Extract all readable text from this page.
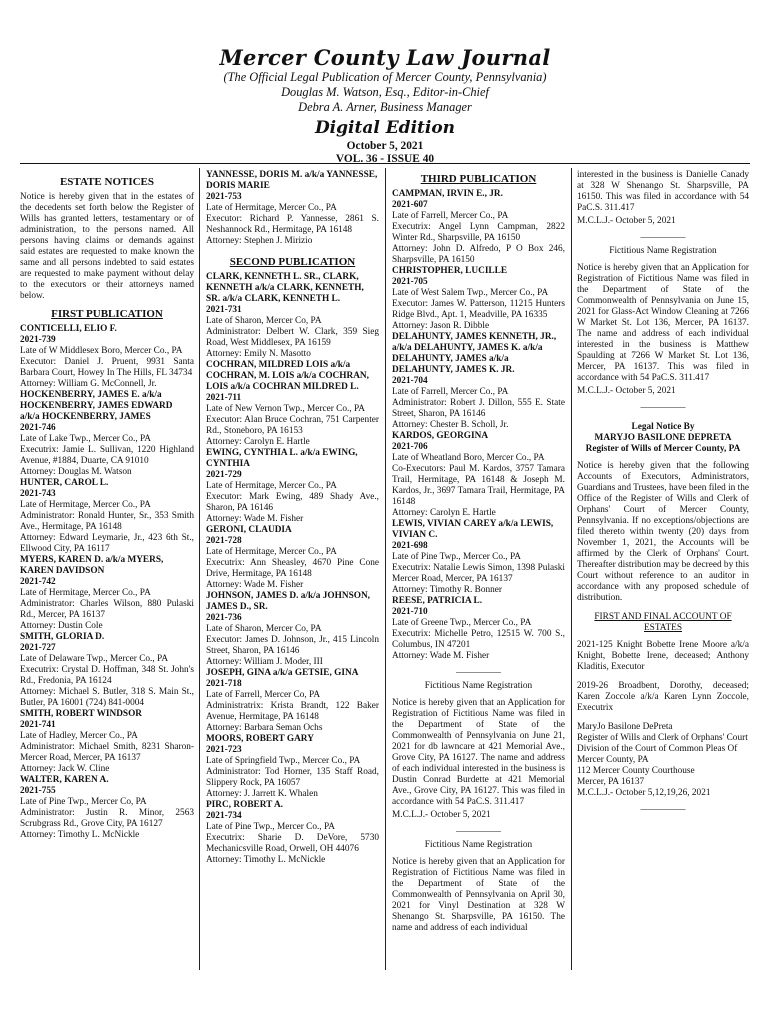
Mercer County Law Journal

(The Official Legal Publication of Mercer County, Pennsylvania)

Douglas M. Watson, Esq., Editor-in-Chief

Debra A. Arner, Business Manager

Digital Edition

October 5, 2021
VOL. 36 - ISSUE 40
ESTATE NOTICES

Notice is hereby given that in the estates of the decedents set forth below the Register of Wills has granted letters, testamentary or of administration, to the persons named. All persons having claims or demands against said estates are requested to make known the same and all persons indebted to said estates are requested to make payment without delay to the executors or their attorneys named below.

FIRST PUBLICATION
CONTICELLI, ELIO F.
2021-739
Late of W Middlesex Boro, Mercer Co., PA
Executor: Daniel J. Pruent, 9931 Santa Barbara Court, Howey In The Hills, FL 34734
Attorney: William G. McConnell, Jr.
HOCKENBERRY, JAMES E. a/k/a HOCKENBERRY, JAMES EDWARD a/k/a HOCKENBERRY, JAMES
2021-746
Late of Lake Twp., Mercer Co., PA
Executrix: Jamie L. Sullivan, 1220 Highland Avenue, #1884, Duarte, CA 91010
Attorney: Douglas M. Watson
HUNTER, CAROL L.
2021-743
Late of Hermitage, Mercer Co., PA
Administrator: Ronald Hunter, Sr., 353 Smith Ave., Hermitage, PA 16148
Attorney: Edward Leymarie, Jr., 423 6th St., Ellwood City, PA 16117
MYERS, KAREN D. a/k/a MYERS, KAREN DAVIDSON
2021-742
Late of Hermitage, Mercer Co., PA
Administrator: Charles Wilson, 880 Pulaski Rd., Mercer, PA 16137
Attorney: Dustin Cole
SMITH, GLORIA D.
2021-727
Late of Delaware Twp., Mercer Co., PA
Executrix: Crystal D. Hoffman, 348 St. John's Rd., Fredonia, PA 16124
Attorney: Michael S. Butler, 318 S. Main St., Butler, PA 16001 (724) 841-0004
SMITH, ROBERT WINDSOR
2021-741
Late of Hadley, Mercer Co., PA
Administrator: Michael Smith, 8231 Sharon-Mercer Road, Mercer, PA 16137
Attorney: Jack W. Cline
WALTER, KAREN A.
2021-755
Late of Pine Twp., Mercer Co, PA
Administrator: Justin R. Minor, 2563 Scrubgrass Rd., Grove City, PA 16127
Attorney: Timothy L. McNickle
YANNESSE, DORIS M. a/k/a YANNESSE, DORIS MARIE
2021-753
Late of Hermitage, Mercer Co., PA
Executor: Richard P. Yannesse, 2861 S. Neshannock Rd., Hermitage, PA 16148
Attorney: Stephen J. Mirizio
SECOND PUBLICATION
CLARK, KENNETH L. SR., CLARK, KENNETH a/k/a CLARK, KENNETH, SR. a/k/a CLARK, KENNETH L.
2021-731
Late of Sharon, Mercer Co, PA
Administrator: Delbert W. Clark, 359 Sieg Road, West Middlesex, PA 16159
Attorney: Emily N. Masotto
COCHRAN, MILDRED LOIS a/k/a COCHRAN, M. LOIS a/k/a COCHRAN, LOIS a/k/a COCHRAN MILDRED L.
2021-711
Late of New Vernon Twp., Mercer Co., PA
Executor: Alan Bruce Cochran, 751 Carpenter Rd., Stoneboro, PA 16153
Attorney: Carolyn E. Hartle
EWING, CYNTHIA L. a/k/a EWING, CYNTHIA
2021-729
Late of Hermitage, Mercer Co., PA
Executor: Mark Ewing, 489 Shady Ave., Sharon, PA 16146
Attorney: Wade M. Fisher
GERONI, CLAUDIA
2021-728
Late of Hermitage, Mercer Co., PA
Executrix: Ann Sheasley, 4670 Pine Cone Drive, Hermitage, PA 16148
Attorney: Wade M. Fisher
JOHNSON, JAMES D. a/k/a JOHNSON, JAMES D., SR.
2021-736
Late of Sharon, Mercer Co, PA
Executor: James D. Johnson, Jr., 415 Lincoln Street, Sharon, PA 16146
Attorney: William J. Moder, III
JOSEPH, GINA a/k/a GETSIE, GINA
2021-718
Late of Farrell, Mercer Co, PA
Administratrix: Krista Brandt, 122 Baker Avenue, Hermitage, PA 16148
Attorney: Barbara Seman Ochs
MOORS, ROBERT GARY
2021-723
Late of Springfield Twp., Mercer Co., PA
Administrator: Tod Horner, 135 Staff Road, Slippery Rock, PA 16057
Attorney: J. Jarrett K. Whalen
PIRC, ROBERT A.
2021-734
Late of Pine Twp., Mercer Co., PA
Executrix: Sharie D. DeVore, 5730 Mechanicsville Road, Orwell, OH 44076
Attorney: Timothy L. McNickle
THIRD PUBLICATION
CAMPMAN, IRVIN E., JR.
2021-607
Late of Farrell, Mercer Co., PA
Executrix: Angel Lynn Campman, 2822 Winter Rd., Sharpsville, PA 16150
Attorney: John D. Alfredo, P O Box 246, Sharpsville, PA 16150
CHRISTOPHER, LUCILLE
2021-705
Late of West Salem Twp., Mercer Co., PA
Executor: James W. Patterson, 11215 Hunters Ridge Blvd., Apt. 1, Meadville, PA 16335
Attorney: Jason R. Dibble
DELAHUNTY, JAMES KENNETH, JR., a/k/a DELAHUNTY, JAMES K. a/k/a DELAHUNTY, JAMES a/k/a DELAHUNTY, JAMES K. JR.
2021-704
Late of Farrell, Mercer Co., PA
Administrator: Robert J. Dillon, 555 E. State Street, Sharon, PA 16146
Attorney: Chester B. Scholl, Jr.
KARDOS, GEORGINA
2021-706
Late of Wheatland Boro, Mercer Co., PA
Co-Executors: Paul M. Kardos, 3757 Tamara Trail, Hermitage, PA 16148 & Joseph M. Kardos, Jr., 3697 Tamara Trail, Hermitage, PA 16148
Attorney: Carolyn E. Hartle
LEWIS, VIVIAN CAREY a/k/a LEWIS, VIVIAN C.
2021-698
Late of Pine Twp., Mercer Co., PA
Executrix: Natalie Lewis Simon, 1398 Pulaski Mercer Road, Mercer, PA 16137
Attorney: Timothy R. Bonner
REESE, PATRICIA L.
2021-710
Late of Greene Twp., Mercer Co., PA
Executrix: Michelle Petro, 12515 W. 700 S., Columbus, IN 47201
Attorney: Wade M. Fisher
—————
Fictitious Name Registration

Notice is hereby given that an Application for Registration of Fictitious Name was filed in the Department of State of the Commonwealth of Pennsylvania on June 21, 2021 for db lawncare at 421 Memorial Ave., Grove City, PA 16127. The name and address of each individual interested in the business is Dustin Conrad Burdette at 421 Memorial Ave., Grove City, PA 16127. This was filed in accordance with 54 PaC.S. 311.417

M.C.L.J.- October 5, 2021
—————
Fictitious Name Registration

Notice is hereby given that an Application for Registration of Fictitious Name was filed in the Department of State of the Commonwealth of Pennsylvania on April 30, 2021 for Vinyl Destination at 328 W Shenango St. Sharpsville, PA 16150. The name and address of each individual

interested in the business is Danielle Canady at 328 W Shenango St. Sharpsville, PA 16150. This was filed in accordance with 54 PaC.S. 311.417

M.C.L.J.- October 5, 2021
—————
Fictitious Name Registration

Notice is hereby given that an Application for Registration of Fictitious Name was filed in the Department of State of the Commonwealth of Pennsylvania on June 15, 2021 for Glass-Act Window Cleaning at 7266 W Market St. Lot 136, Mercer, PA 16137. The name and address of each individual interested in the business is Matthew Spaulding at 7266 W Market St. Lot 136, Mercer, PA 16137. This was filed in accordance with 54 PaC.S. 311.417

M.C.L.J.- October 5, 2021
—————
Legal Notice By
MARYJO BASILONE DEPRETA
Register of Wills of Mercer County, PA

Notice is hereby given that the following Accounts of Executors, Administrators, Guardians and Trustees, have been filed in the Office of the Register of Wills and Clerk of Orphans' Court of Mercer County, Pennsylvania. If no exceptions/objections are filed thereto within twenty (20) days from November 1, 2021, the Accounts will be affirmed by the Clerk of Orphans' Court. Thereafter distribution may be decreed by this Court without reference to an auditor in accordance with any proposed schedule of distribution.

FIRST AND FINAL ACCOUNT OF ESTATES

2021-125 Knight Bobette Irene Moore a/k/a Knight, Bobette Irene, deceased; Anthony Kladitis, Executor

2019-26 Broadbent, Dorothy, deceased; Karen Zoccole a/k/a Karen Lynn Zoccole, Executrix

MaryJo Basilone DePreta
Register of Wills and Clerk of Orphans' Court
Division of the Court of Common Pleas Of Mercer County, PA
112 Mercer County Courthouse
Mercer, PA 16137
M.C.L.J.- October 5,12,19,26, 2021
—————
